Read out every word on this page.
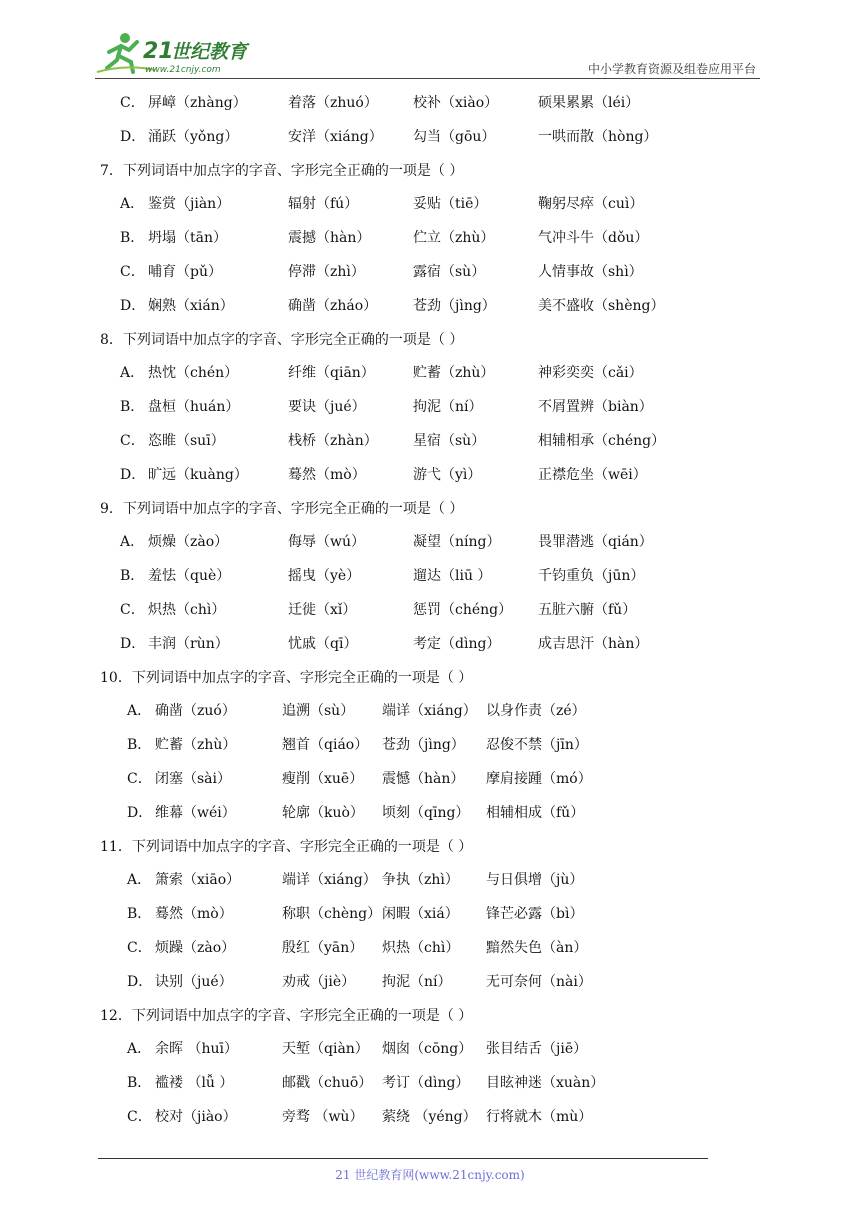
21
世纪教育
www.21cnjy.com	中小学教育资源及组卷应用平台
C． 屏嶂（zhàng）	着落（zhuó）	校补（xiào）	硕果累累（léi）
D． 涌跃（yǒng）	安洋（xiáng） 勾当（gōu）	一哄而散（hòng）
7．下列词语中加点字的字音、字形完全正确的一项是（ ）
A． 鉴赏（jiàn）	辐射（fú）	妥贴（tiē）	鞠躬尽瘁（cuì）
B． 坍塌（tān）	震撼（hàn）	伫立（zhù）	气冲斗牛（dǒu）
C． 哺育（pǔ）	停滞（zhì）	露宿（sù）	人情事故（shì）
D． 娴熟（xián）	确凿（zháo）	苍劲（jìng）	美不盛收（shèng）
8．下列词语中加点字的字音、字形完全正确的一项是（ ）
A． 热忱（chén）	纤维（qiān）	贮蓄（zhù）	神彩奕奕（cǎi）
B． 盘桓（huán）	要诀（jué）	拘泥（ní）	不屑置辨（biàn）
C． 恣睢（suī）	栈桥（zhàn）	星宿（sù）	相辅相承（chéng）
D． 旷远（kuàng）	蓦然（mò）	游弋（yì）	正襟危坐（wēi）
9．下列词语中加点字的字音、字形完全正确的一项是（ ）
A． 烦燥（zào）	侮辱（wú）	凝望（níng）	畏罪潜逃（qián）
B． 羞怯（què）	摇曳（yè）	遛达（liū ）	千钧重负（jūn）
C． 炽热（chì）	迁徙（xǐ）	惩罚（chéng） 五脏六腑（fǔ）
D． 丰润（rùn）	忧戚（qī）	考定（dìng）	成吉思汗（hàn）
10．下列词语中加点字的字音、字形完全正确的一项是（ ）
A． 确凿（zuó）	追溯（sù） 端详（xiáng） 以身作责（zé）
B． 贮蓄（zhù）	翘首（qiáo） 苍劲（jìng） 忍俊不禁（jīn）
C． 闭塞（sài）	瘦削（xuē） 震憾（hàn） 摩肩接踵（mó）
D． 维幕（wéi）	轮廓（kuò） 顷刻（qīng） 相辅相成（fǔ）
11．下列词语中加点字的字音、字形完全正确的一项是（ ）
A． 箫索（xiāo）	端详（xiáng） 争执（zhì） 与日俱增（jù）
B． 蓦然（mò）	称职（chèng） 闲暇（xiá） 锋芒必露（bì）
C． 烦躁（zào）	殷红（yān） 炽热（chì） 黯然失色（àn）
D． 诀别（jué）	劝戒（jiè） 拘泥（ní） 无可奈何（nài）
12．下列词语中加点字的字音、字形完全正确的一项是（ ）
A． 余晖 （huī）	天堑（qiàn） 烟囱（cōng） 张目结舌（jiē）
B． 褴褛 （lǚ ）	邮戳（chuō） 考订（dìng） 目眩神迷（xuàn）
C． 校对（jiào）	旁骛 （wù） 萦绕 （yéng） 行将就木（mù）
21 世纪教育网(www.21cnjy.com)
